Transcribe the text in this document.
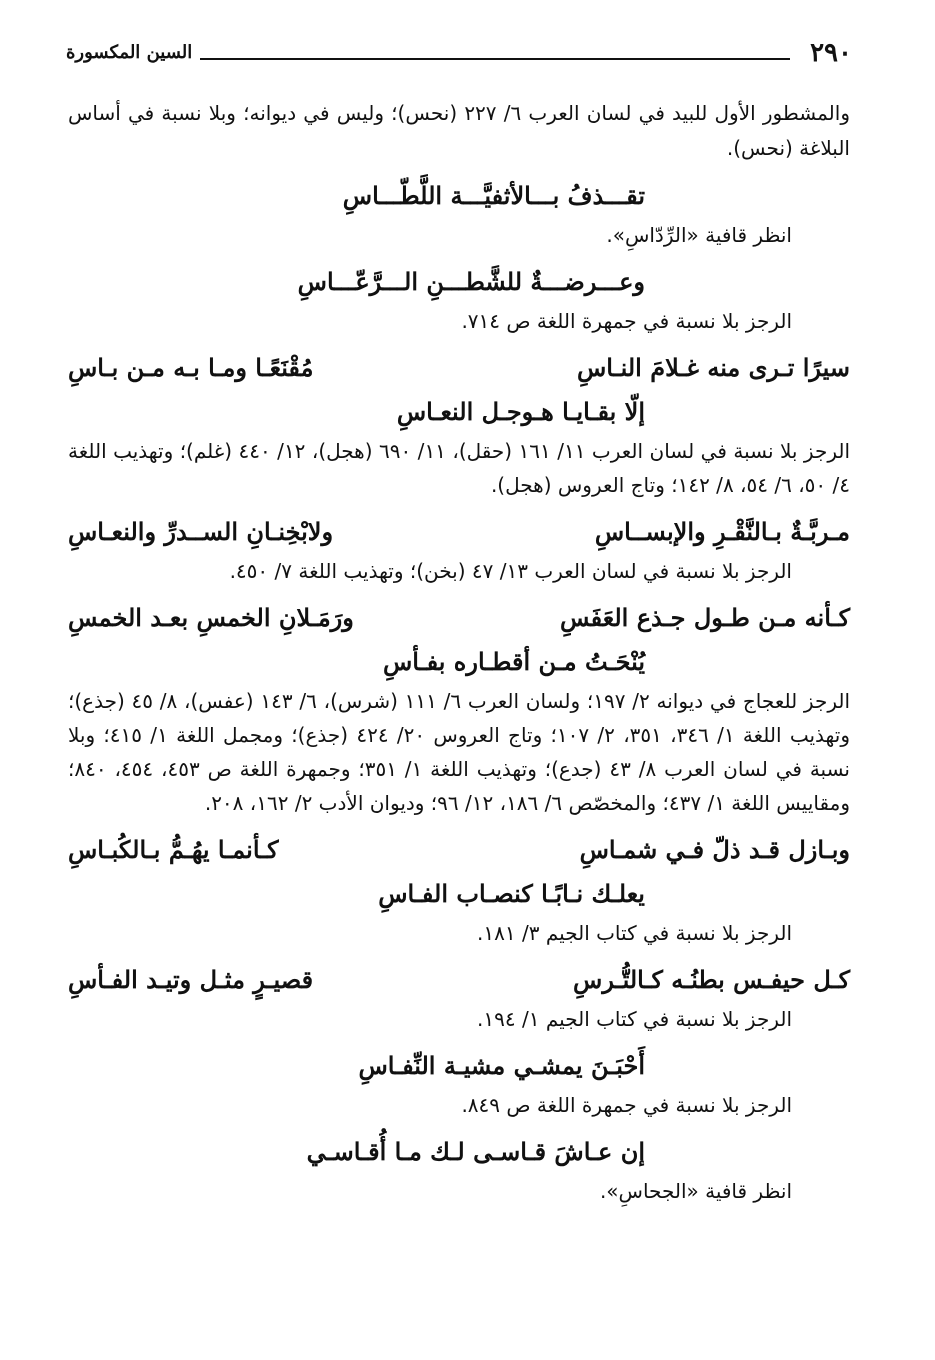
٢٩٠
السين المكسورة

والمشطور الأول للبيد في لسان العرب ٦/ ٢٢٧ (نحس)؛ وليس في ديوانه؛ وبلا نسبة في أساس البلاغة (نحس).

تقـــذفُ بـــالأثفيَّـــة اللَّطّـــاسِ

انظر قافية «الرِّدّاسِ».

وعـــرضـــةٌ للشَّطـــنِ الـــرَّعّـــاسِ

الرجز بلا نسبة في جمهرة اللغة ص ٧١٤.

سيرًا تـرى منه غـلامَ النـاسِ
مُقْنَعًـا ومـا بـه مـن بـاسِ

إلّا بقـايـا هـوجـل النعـاسِ

الرجز بلا نسبة في لسان العرب ١١/ ١٦١ (حقل)، ١١/ ٦٩٠ (هجل)، ١٢/ ٤٤٠ (غلم)؛ وتهذيب اللغة ٤/ ٥٠، ٦/ ٥٤، ٨/ ١٤٢؛ وتاج العروس (هجل).

مـربَّـةٌ بـالنَّقْـرِ والإبســاسِ
ولابْخِنـانِ الســدرِّ والنعـاسِ

الرجز بلا نسبة في لسان العرب ١٣/ ٤٧ (بخن)؛ وتهذيب اللغة ٧/ ٤٥٠.

كـأنه مـن طـول جـذع العَفَسِ
ورَمَـلانِ الخمسِ بعـد الخمسِ

يُنْحَـتُ مـن أقطـاره بفـأسِ

الرجز للعجاج في ديوانه ٢/ ١٩٧؛ ولسان العرب ٦/ ١١١ (شرس)، ٦/ ١٤٣ (عفس)، ٨/ ٤٥ (جذع)؛ وتهذيب اللغة ١/ ٣٤٦، ٣٥١، ٢/ ١٠٧؛ وتاج العروس ٢٠/ ٤٢٤ (جذع)؛ ومجمل اللغة ١/ ٤١٥؛ وبلا نسبة في لسان العرب ٨/ ٤٣ (جدع)؛ وتهذيب اللغة ١/ ٣٥١؛ وجمهرة اللغة ص ٤٥٣، ٤٥٤، ٨٤٠؛ ومقاييس اللغة ١/ ٤٣٧؛ والمخصّص ٦/ ١٨٦، ١٢/ ٩٦؛ وديوان الأدب ٢/ ١٦٢، ٢٠٨.

وبـازل قـد ذلّ فـي شمـاسِ
كـأنمـا يهُـمُّ بـالكُبـاسِ

يعلـك نـابًـا كنصـاب الفـاسِ

الرجز بلا نسبة في كتاب الجيم ٣/ ١٨١.

كـل حيفـس بطنُـه كـالتُّـرسِ
قصيـرٍ مثـل وتيـد الفـأسِ

الرجز بلا نسبة في كتاب الجيم ١/ ١٩٤.

أَحْبَـنَ يمشـي مشيـة النِّفـاسِ

الرجز بلا نسبة في جمهرة اللغة ص ٨٤٩.

إن عـاشَ قـاسـى لـك مـا أُقـاسـي

انظر قافية «الجحاسِ».
